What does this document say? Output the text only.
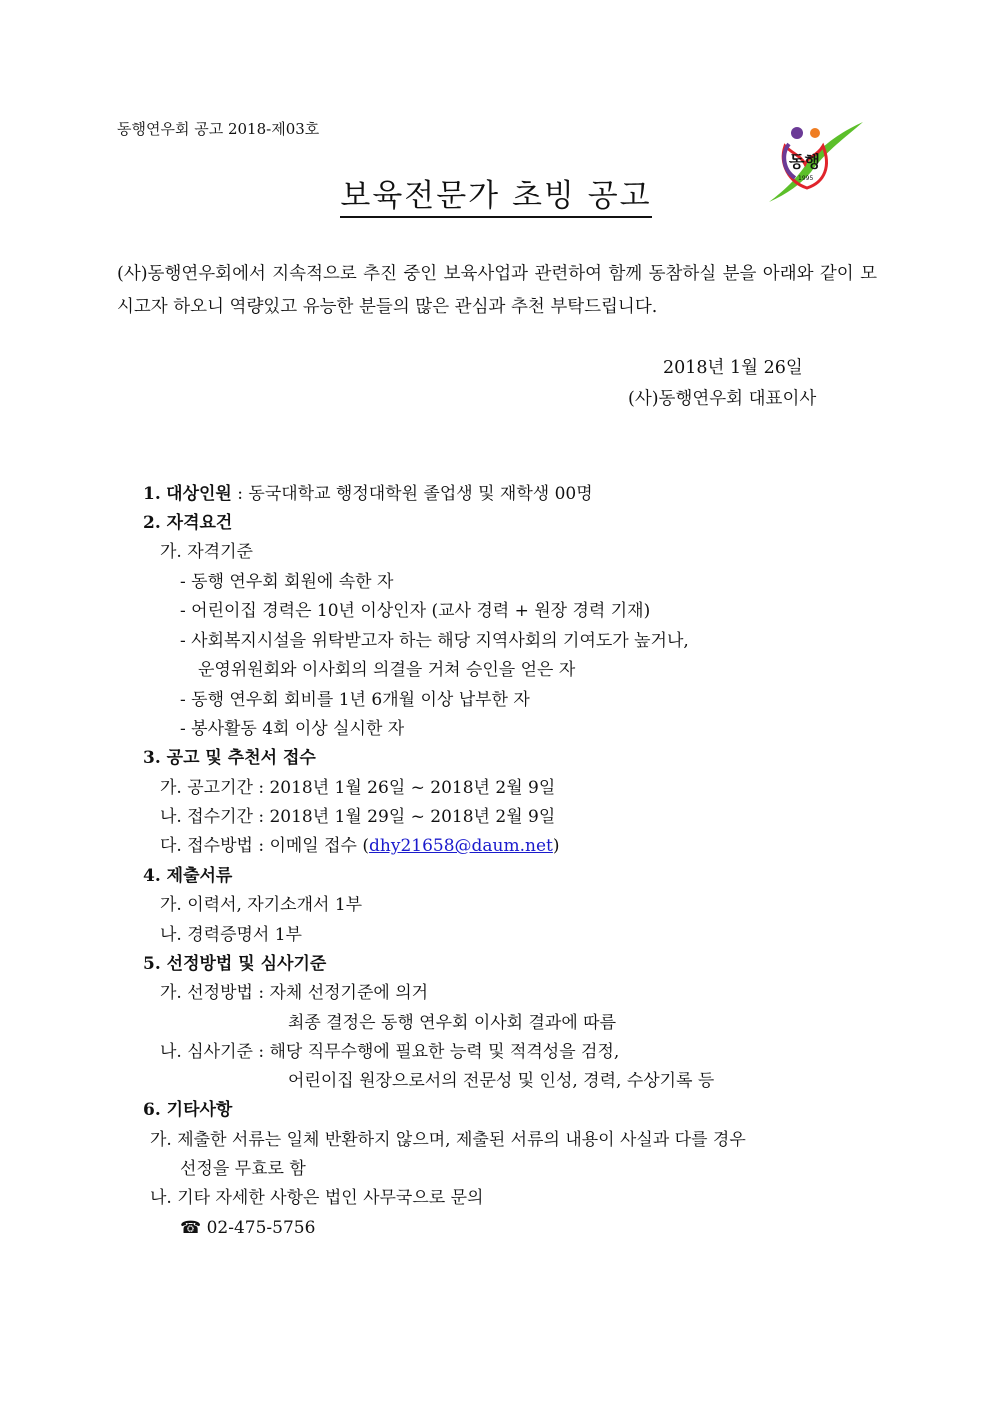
동행연우회 공고 2018-제03호
동행
1995
보육전문가 초빙 공고
(사)동행연우회에서 지속적으로 추진 중인 보육사업과 관련하여 함께 동참하실 분을 아래와 같이 모시고자 하오니 역량있고 유능한 분들의 많은 관심과 추천 부탁드립니다.
2018년 1월 26일
(사)동행연우회 대표이사
1. 대상인원 : 동국대학교 행정대학원 졸업생 및 재학생 00명
2. 자격요건
가. 자격기준
- 동행 연우회 회원에 속한 자
- 어린이집 경력은 10년 이상인자 (교사 경력 + 원장 경력 기재)
- 사회복지시설을 위탁받고자 하는 해당 지역사회의 기여도가 높거나,
운영위원회와 이사회의 의결을 거쳐 승인을 얻은 자
- 동행 연우회 회비를 1년 6개월 이상 납부한 자
- 봉사활동 4회 이상 실시한 자
3. 공고 및 추천서 접수
가. 공고기간 : 2018년 1월 26일 ~ 2018년 2월 9일
나. 접수기간 : 2018년 1월 29일 ~ 2018년 2월 9일
다. 접수방법 : 이메일 접수 (dhy21658@daum.net)
4. 제출서류
가. 이력서, 자기소개서 1부
나. 경력증명서 1부
5. 선정방법 및 심사기준
가. 선정방법 : 자체 선정기준에 의거
최종 결정은 동행 연우회 이사회 결과에 따름
나. 심사기준 : 해당 직무수행에 필요한 능력 및 적격성을 검정,
어린이집 원장으로서의 전문성 및 인성, 경력, 수상기록 등
6. 기타사항
가. 제출한 서류는 일체 반환하지 않으며, 제출된 서류의 내용이 사실과 다를 경우
선정을 무효로 함
나. 기타 자세한 사항은 법인 사무국으로 문의
☎ 02-475-5756
